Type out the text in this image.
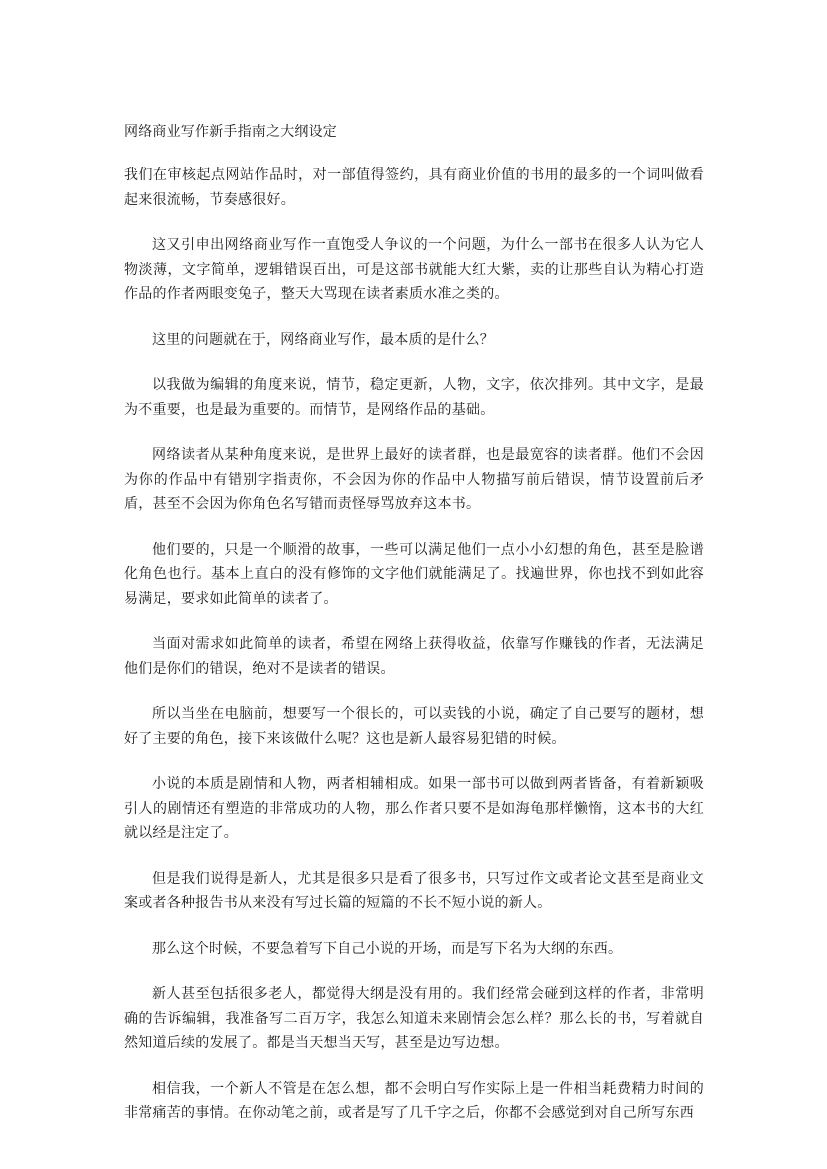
网络商业写作新手指南之大纲设定

我们在审核起点网站作品时，对一部值得签约，具有商业价值的书用的最多的一个词叫做看起来很流畅，节奏感很好。

这又引申出网络商业写作一直饱受人争议的一个问题，为什么一部书在很多人认为它人物淡薄，文字简单，逻辑错误百出，可是这部书就能大红大紫，卖的让那些自认为精心打造作品的作者两眼变兔子，整天大骂现在读者素质水准之类的。

这里的问题就在于，网络商业写作，最本质的是什么？

以我做为编辑的角度来说，情节，稳定更新，人物，文字，依次排列。其中文字，是最为不重要，也是最为重要的。而情节，是网络作品的基础。

网络读者从某种角度来说，是世界上最好的读者群，也是最宽容的读者群。他们不会因为你的作品中有错别字指责你，不会因为你的作品中人物描写前后错误，情节设置前后矛盾，甚至不会因为你角色名写错而责怪辱骂放弃这本书。

他们要的，只是一个顺滑的故事，一些可以满足他们一点小小幻想的角色，甚至是脸谱化角色也行。基本上直白的没有修饰的文字他们就能满足了。找遍世界，你也找不到如此容易满足，要求如此简单的读者了。

当面对需求如此简单的读者，希望在网络上获得收益，依靠写作赚钱的作者，无法满足他们是你们的错误，绝对不是读者的错误。

所以当坐在电脑前，想要写一个很长的，可以卖钱的小说，确定了自己要写的题材，想好了主要的角色，接下来该做什么呢？这也是新人最容易犯错的时候。

小说的本质是剧情和人物，两者相辅相成。如果一部书可以做到两者皆备，有着新颖吸引人的剧情还有塑造的非常成功的人物，那么作者只要不是如海龟那样懒惰，这本书的大红就以经是注定了。

但是我们说得是新人，尤其是很多只是看了很多书，只写过作文或者论文甚至是商业文案或者各种报告书从来没有写过长篇的短篇的不长不短小说的新人。

那么这个时候，不要急着写下自己小说的开场，而是写下名为大纲的东西。

新人甚至包括很多老人，都觉得大纲是没有用的。我们经常会碰到这样的作者，非常明确的告诉编辑，我准备写二百万字，我怎么知道未来剧情会怎么样？那么长的书，写着就自然知道后续的发展了。都是当天想当天写，甚至是边写边想。

相信我，一个新人不管是在怎么想，都不会明白写作实际上是一件相当耗费精力时间的非常痛苦的事情。在你动笔之前，或者是写了几千字之后，你都不会感觉到对自己所写东西
